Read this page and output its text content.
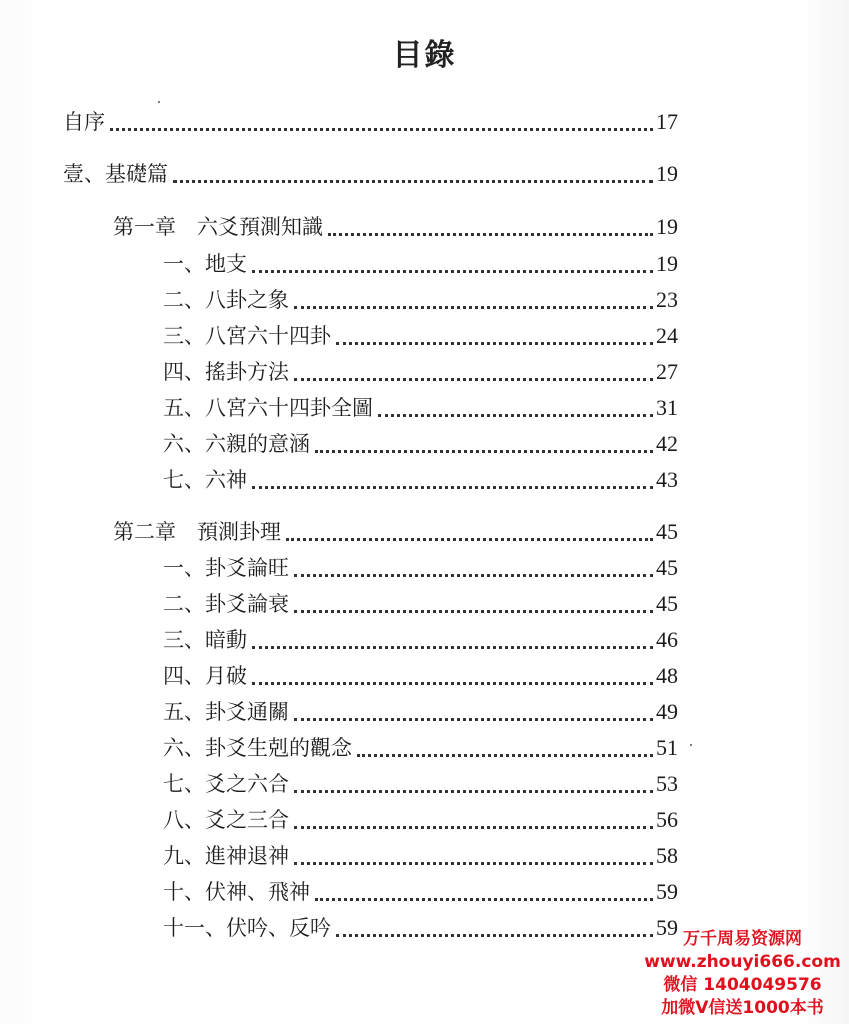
目錄
自序	17
壹、基礎篇	19
第一章　六爻預測知識	19
一、地支	19
二、八卦之象	23
三、八宮六十四卦	24
四、搖卦方法	27
五、八宮六十四卦全圖	31
六、六親的意涵	42
七、六神	43
第二章　預測卦理	45
一、卦爻論旺	45
二、卦爻論衰	45
三、暗動	46
四、月破	48
五、卦爻通關	49
六、卦爻生剋的觀念	51
七、爻之六合	53
八、爻之三合	56
九、進神退神	58
十、伏神、飛神	59
十一、伏吟、反吟	59 万千周易资源网
www.zhouyi666.com
微信 1404049576
加微V信送1000本书
